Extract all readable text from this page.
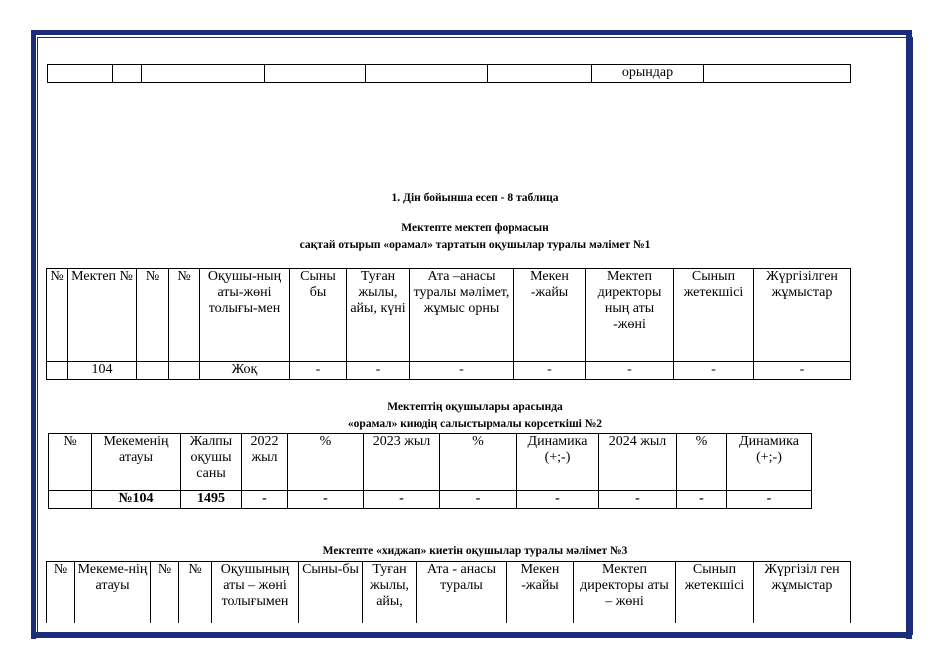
						орындар	
1. Дін бойынша есеп - 8 таблица
Мектепте мектеп формасын
сақтай отырып «орамал» тартатын оқушылар туралы мәлімет №1
№	Мектеп №	№	№	Оқушы-ның аты-жөні толығы-мен	Сыны бы	Туған жылы, айы, күні	Ата –анасы туралы мәлімет, жұмыс орны	Мекен -жайы	Мектеп директоры ның аты -жөні	Сынып жетекшісі	Жүргізілген жұмыстар
	104			Жоқ	-	-	-	-	-	-	-
Мектептің оқушылары арасында
«орамал» киюдің салыстырмалы корсеткіші №2
№	Мекеменің атауы	Жалпы оқушы саны	2022 жыл	%	2023 жыл	%	Динамика (+;-)	2024 жыл	%	Динамика (+;-)
	№104	1495	-	-	-	-	-	-	-	-
Мектепте «хиджап» киетін оқушылар туралы мәлімет №3
№	Мекеме-нің атауы	№	№	Оқушының аты – жөні толығымен	Сыны-бы	Туған жылы, айы,	Ата - анасы туралы	Мекен -жайы	Мектеп директоры аты – жөні	Сынып жетекшісі	Жүргізіл ген жұмыстар
